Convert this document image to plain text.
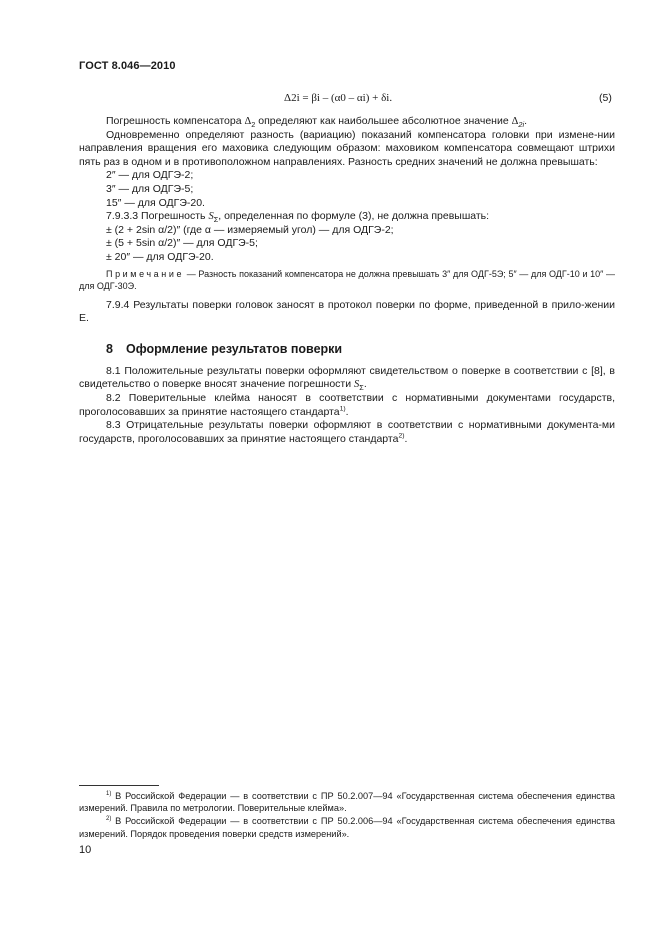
ГОСТ 8.046—2010
Δ2i = βi – (α0 – αi) + δi.	(5)

Погрешность компенсатора $\Delta_2$ определяют как наибольшее абсолютное значение $\Delta_{2i}$.

Одновременно определяют разность (вариацию) показаний компенсатора головки при измене-нии направления вращения его маховика следующим образом: маховиком компенсатора совмещают штрихи пять раз в одном и в противоположном направлениях. Разность средних значений не должна превышать:

2″ — для ОДГЭ-2;

3″ — для ОДГЭ-5;

15″ — для ОДГЭ-20.

7.9.3.3 Погрешность $S_\Sigma$, определенная по формуле (3), не должна превышать:

± (2 + 2sin α/2)″ (где α — измеряемый угол) — для ОДГЭ-2;

± (5 + 5sin α/2)″ — для ОДГЭ-5;

± 20″ — для ОДГЭ-20.

Примечание — Разность показаний компенсатора не должна превышать 3″ для ОДГ-5Э; 5″ — для ОДГ-10 и 10″ — для ОДГ-30Э.

7.9.4 Результаты поверки головок заносят в протокол поверки по форме, приведенной в прило-жении Е.

8 Оформление результатов поверки

8.1 Положительные результаты поверки оформляют свидетельством о поверке в соответствии с [8], в свидетельство о поверке вносят значение погрешности $S_\Sigma$.

8.2 Поверительные клейма наносят в соответствии с нормативными документами государств, проголосовавших за принятие настоящего стандарта$^{1)}$.

8.3 Отрицательные результаты поверки оформляют в соответствии с нормативными документа-ми государств, проголосовавших за принятие настоящего стандарта$^{2)}$.

$^{1)}$ В Российской Федерации — в соответствии с ПР 50.2.007—94 «Государственная система обеспечения единства измерений. Правила по метрологии. Поверительные клейма».

$^{2)}$ В Российской Федерации — в соответствии с ПР 50.2.006—94 «Государственная система обеспечения единства измерений. Порядок проведения поверки средств измерений».

10
